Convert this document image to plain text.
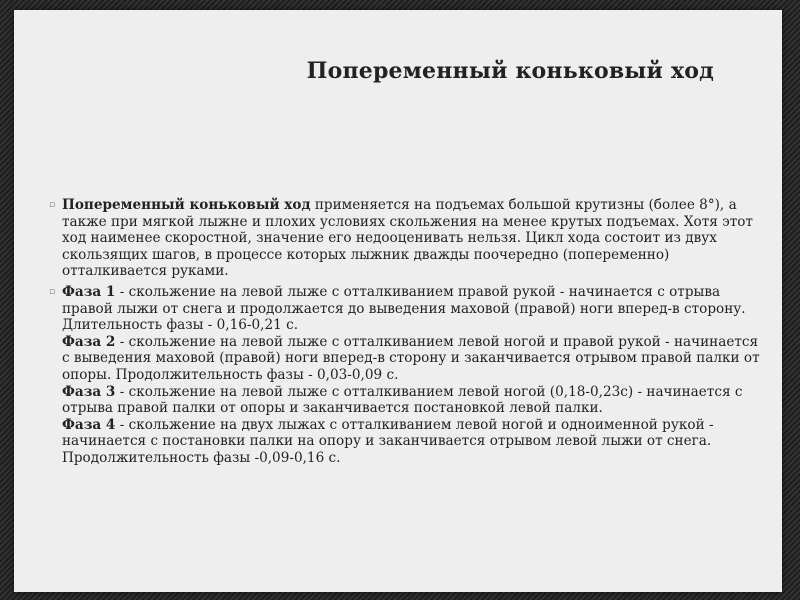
Попеременный коньковый ход
▫ Попеременный коньковый ход применяется на подъемах большой крутизны (более 8°), а также при мягкой лыжне и плохих условиях скольжения на менее крутых подъемах. Хотя этот ход наименее скоростной, значение его недооценивать нельзя. Цикл хода состоит из двух скользящих шагов, в процессе которых лыжник дважды поочередно (попеременно) отталкивается руками.
▫ Фаза 1 - скольжение на левой лыже с отталкиванием правой рукой - начинается с отрыва правой лыжи от снега и продолжается до выведения маховой (правой) ноги вперед-в сторону. Длительность фазы - 0,16-0,21 с.
Фаза 2 - скольжение на левой лыже с отталкиванием левой ногой и правой рукой - начинается с выведения маховой (правой) ноги вперед-в сторону и заканчивается отрывом правой палки от опоры. Продолжительность фазы - 0,03-0,09 с.
Фаза 3 - скольжение на левой лыже с отталкиванием левой ногой (0,18-0,23с) - начинается с отрыва правой палки от опоры и заканчивается постановкой левой палки.
Фаза 4 - скольжение на двух лыжах с отталкиванием левой ногой и одноименной рукой - начинается с постановки палки на опору и заканчивается отрывом левой лыжи от снега. Продолжительность фазы -0,09-0,16 с.
